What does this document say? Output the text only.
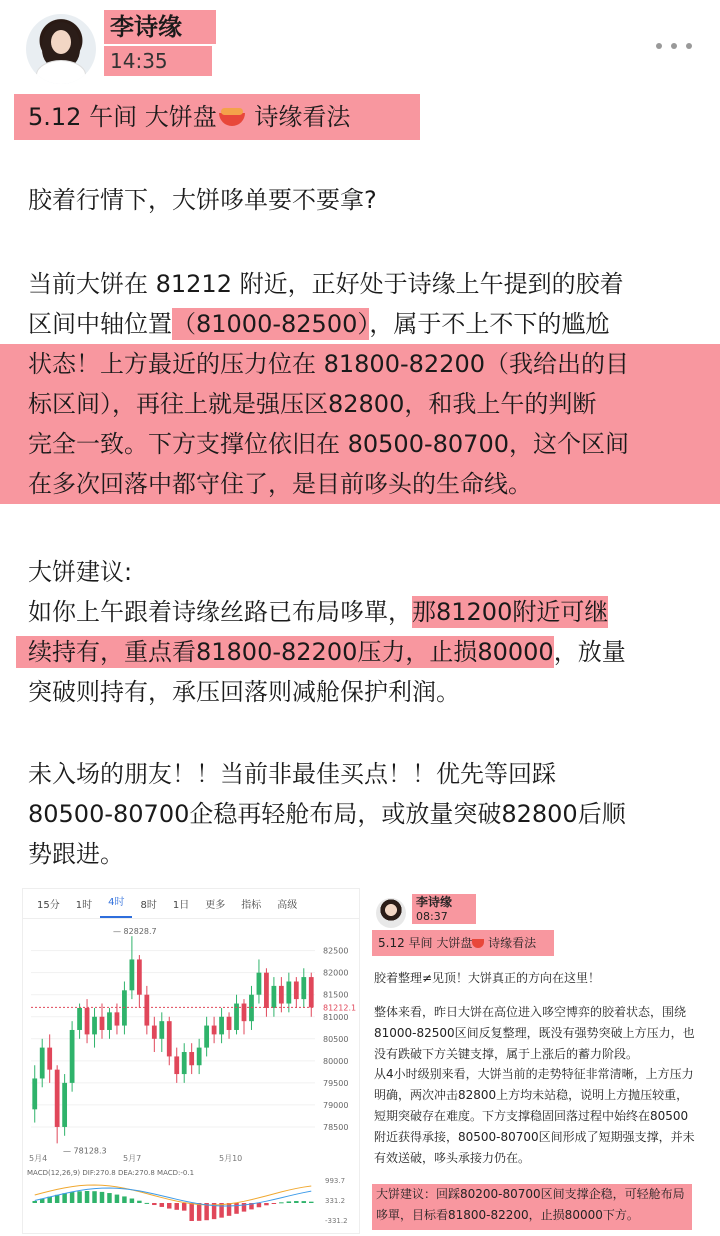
李诗缘
14:35
5.12 午间 大饼盘 诗缘看法
胶着行情下，大饼哆单要不要拿?
当前大饼在 81212 附近，正好处于诗缘上午提到的胶着
区间中轴位置（81000-82500），属于不上不下的尴尬
状态！上方最近的压力位在 81800-82200（我给出的目
标区间），再往上就是强压区82800，和我上午的判断
完全一致。下方支撑位依旧在 80500-80700，这个区间
在多次回落中都守住了，是目前哆头的生命线。
大饼建议:
如你上午跟着诗缘丝路已布局哆單，那81200附近可继
续持有，重点看81800-82200压力，止损80000，放量
突破则持有，承压回落则减舱保护利润。
未入场的朋友！！当前非最佳买点！！优先等回踩
80500-80700企稳再轻舱布局，或放量突破82800后顺
势跟进。
15分	1时	4时	8时	1日	更多	指标	高级
82500
82000
81500
81212.1
81000
80500
80000
79500
79000
78500
— 82828.7
— 78128.3
5月4	5月7	5月10
MACD(12,26,9) DIF:270.8 DEA:270.8 MACD:-0.1
993.7
331.2
-331.2
李诗缘
08:37
5.12 早间 大饼盘 诗缘看法
胶着整理≠见顶！大饼真正的方向在这里！
整体来看，昨日大饼在高位进入哆空博弈的胶着状态，围绕81000-82500区间反复整理，既没有强势突破上方压力，也没有跌破下方关键支撑，属于上涨后的蓄力阶段。
从4小时级别来看，大饼当前的走势特征非常清晰，上方压力明确，两次冲击82800上方均未站稳，说明上方抛压较重，短期突破存在难度。下方支撑稳固回落过程中始终在80500附近获得承接，80500-80700区间形成了短期强支撑，并未有效送破，哆头承接力仍在。
大饼建议：回踩80200-80700区间支撑企稳，可轻舱布局哆單，目标看81800-82200，止损80000下方。
